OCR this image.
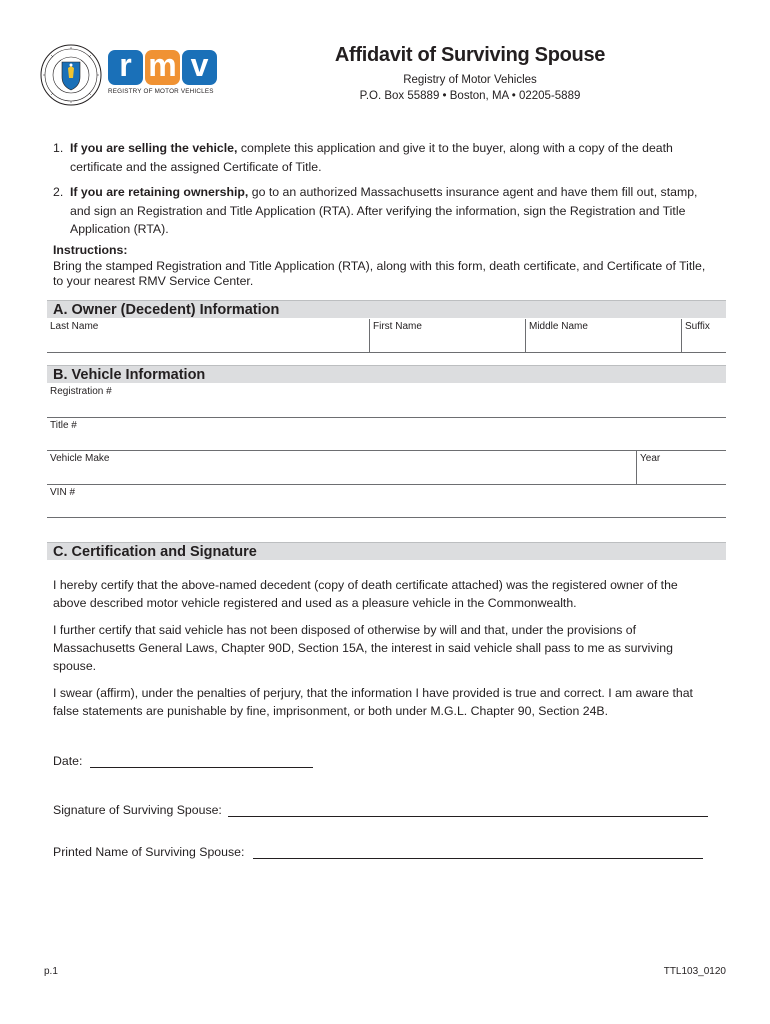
r m v
REGISTRY OF MOTOR VEHICLES
Affidavit of Surviving Spouse
Registry of Motor Vehicles
P.O. Box 55889 • Boston, MA • 02205-5889
1. If you are selling the vehicle, complete this application and give it to the buyer, along with a copy of the death certificate and the assigned Certificate of Title.
2. If you are retaining ownership, go to an authorized Massachusetts insurance agent and have them fill out, stamp, and sign an Registration and Title Application (RTA). After verifying the information, sign the Registration and Title Application (RTA).
Instructions:
Bring the stamped Registration and Title Application (RTA), along with this form, death certificate, and Certificate of Title, to your nearest RMV Service Center.
A. Owner (Decedent) Information
Last Name	First Name	Middle Name	Suffix
B. Vehicle Information
Registration #
Title #
Vehicle Make	Year
VIN #
C. Certification and Signature

I hereby certify that the above-named decedent (copy of death certificate attached) was the registered owner of the above described motor vehicle registered and used as a pleasure vehicle in the Commonwealth.

I further certify that said vehicle has not been disposed of otherwise by will and that, under the provisions of Massachusetts General Laws, Chapter 90D, Section 15A, the interest in said vehicle shall pass to me as surviving spouse.

I swear (affirm), under the penalties of perjury, that the information I have provided is true and correct. I am aware that false statements are punishable by fine, imprisonment, or both under M.G.L. Chapter 90, Section 24B.

Date:
Signature of Surviving Spouse:
Printed Name of Surviving Spouse:
p.1	TTL103_0120
